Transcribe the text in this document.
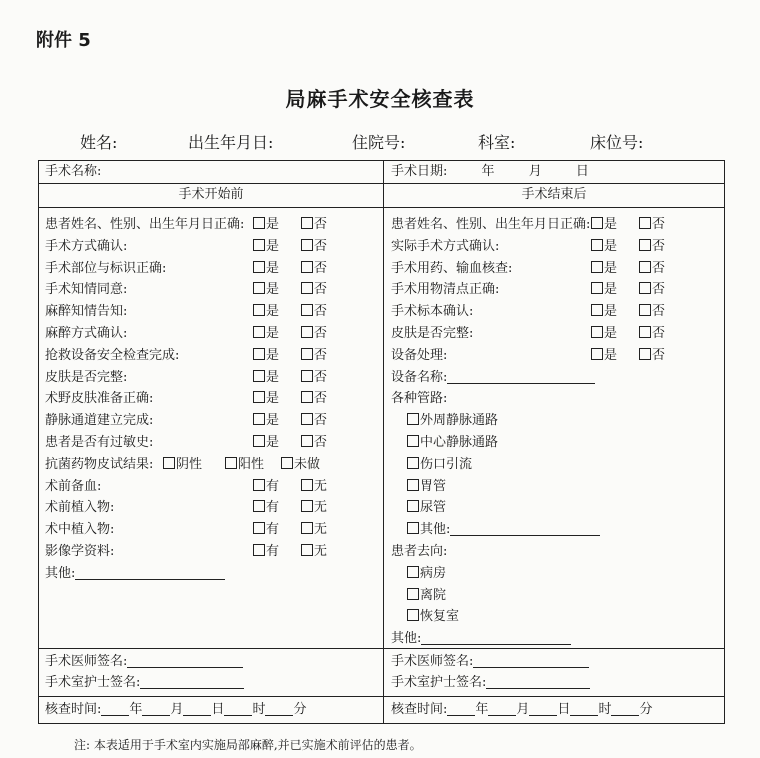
附件 5
局麻手术安全核查表
姓名:	出生年月日:	住院号:	科室:	床位号:
手术名称:	手术日期:	年	月	日
手术开始前	手术结束后
患者姓名、性别、出生年月日正确:	是	否
手术方式确认:	是	否
手术部位与标识正确:	是	否
手术知情同意:	是	否
麻醉知情告知:	是	否
麻醉方式确认:	是	否
抢救设备安全检查完成:	是	否
皮肤是否完整:	是	否
术野皮肤准备正确:	是	否
静脉通道建立完成:	是	否
患者是否有过敏史:	是	否
抗菌药物皮试结果:	阴性	阳性	未做
术前备血:	有	无
术前植入物:	有	无
术中植入物:	有	无
影像学资料:	有	无
其他:
患者姓名、性别、出生年月日正确:	是	否
实际手术方式确认:	是	否
手术用药、输血核查:	是	否
手术用物清点正确:	是	否
手术标本确认:	是	否
皮肤是否完整:	是	否
设备处理:	是	否
设备名称:
各种管路:
外周静脉通路
中心静脉通路
伤口引流
胃管
尿管
其他:
患者去向:
病房
离院
恢复室
其他:
手术医师签名:
手术室护士签名:
手术医师签名:
手术室护士签名:
核查时间: 年 月 日 时 分	核查时间: 年 月 日 时 分
注: 本表适用于手术室内实施局部麻醉,并已实施术前评估的患者。
